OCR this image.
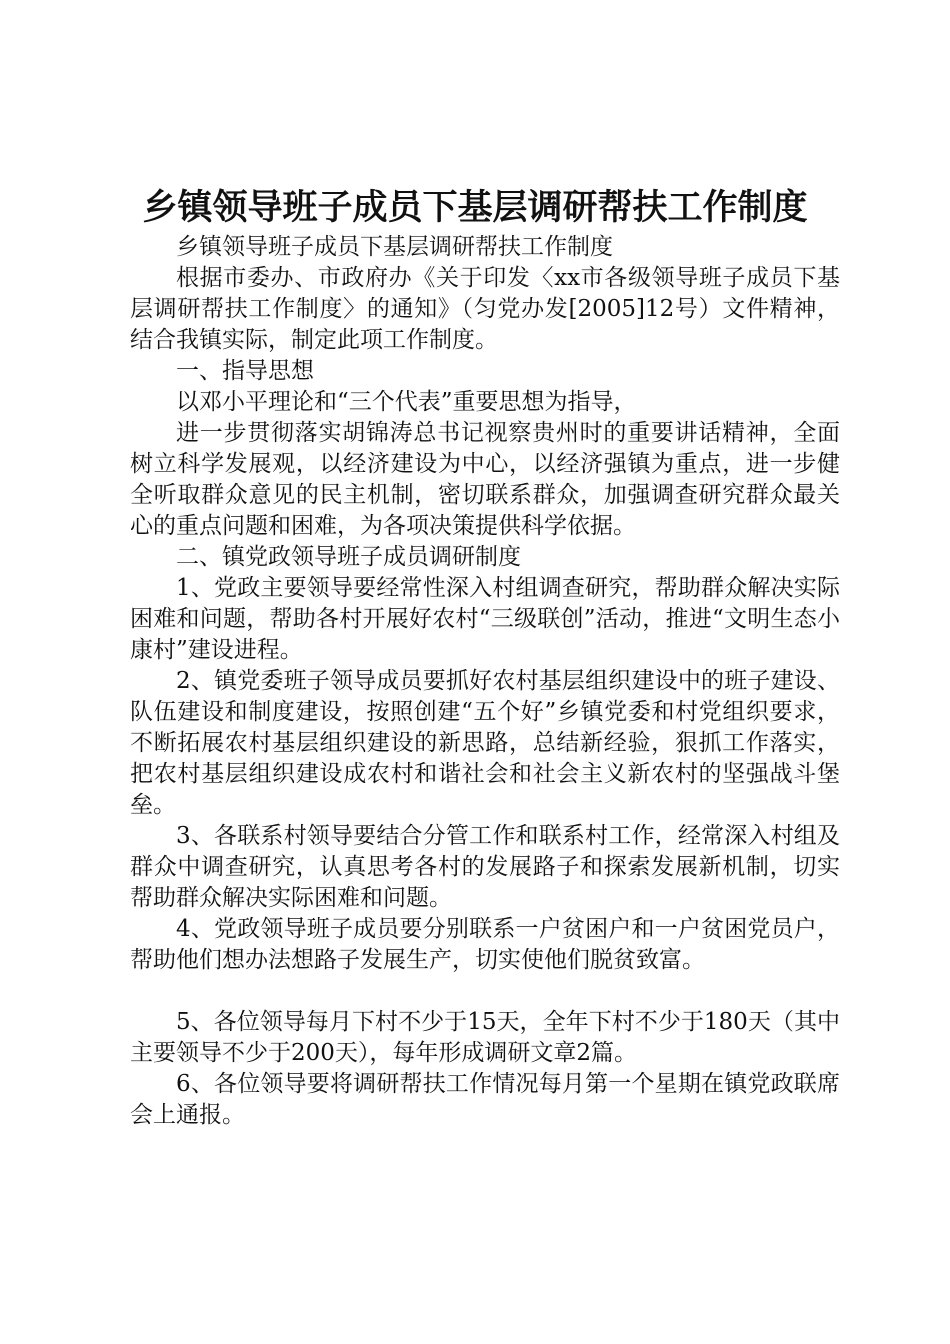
乡镇领导班子成员下基层调研帮扶工作制度

乡镇领导班子成员下基层调研帮扶工作制度

根据市委办、市政府办《关于印发〈xx市各级领导班子成员下基层调研帮扶工作制度〉的通知》（匀党办发[2005]12号）文件精神，结合我镇实际，制定此项工作制度。

一、指导思想

以邓小平理论和“三个代表”重要思想为指导，

进一步贯彻落实胡锦涛总书记视察贵州时的重要讲话精神，全面树立科学发展观，以经济建设为中心，以经济强镇为重点，进一步健全听取群众意见的民主机制，密切联系群众，加强调查研究群众最关心的重点问题和困难，为各项决策提供科学依据。

二、镇党政领导班子成员调研制度

1、党政主要领导要经常性深入村组调查研究，帮助群众解决实际困难和问题，帮助各村开展好农村“三级联创”活动，推进“文明生态小康村”建设进程。

2、镇党委班子领导成员要抓好农村基层组织建设中的班子建设、队伍建设和制度建设，按照创建“五个好”乡镇党委和村党组织要求，不断拓展农村基层组织建设的新思路，总结新经验，狠抓工作落实，把农村基层组织建设成农村和谐社会和社会主义新农村的坚强战斗堡垒。

3、各联系村领导要结合分管工作和联系村工作，经常深入村组及群众中调查研究，认真思考各村的发展路子和探索发展新机制，切实帮助群众解决实际困难和问题。

4、党政领导班子成员要分别联系一户贫困户和一户贫困党员户，帮助他们想办法想路子发展生产，切实使他们脱贫致富。

5、各位领导每月下村不少于15天，全年下村不少于180天（其中主要领导不少于200天），每年形成调研文章2篇。

6、各位领导要将调研帮扶工作情况每月第一个星期在镇党政联席会上通报。
